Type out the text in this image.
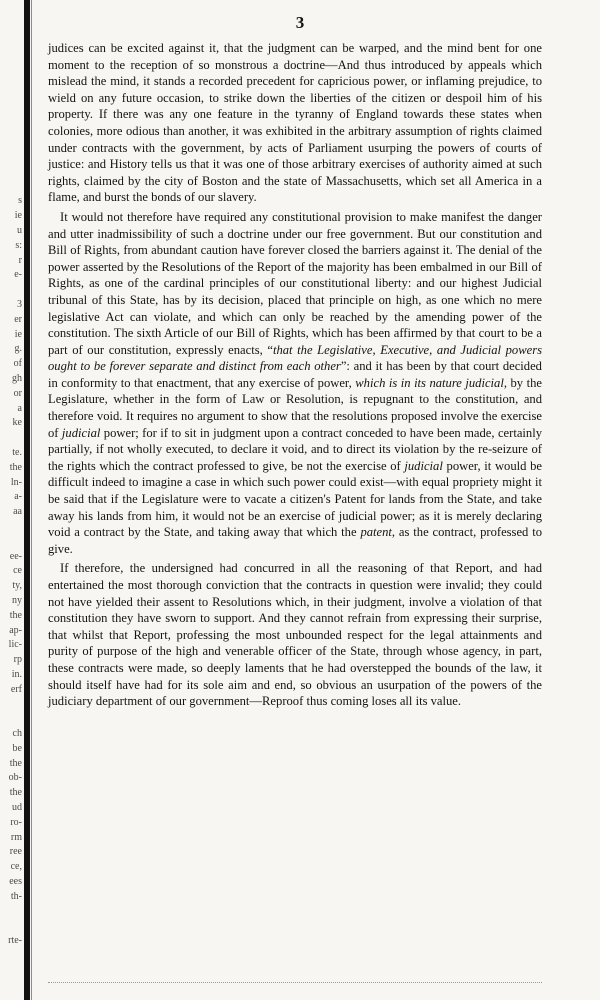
s
ie
u
s:
r
e-

3
er
ie
g.
of
gh
or
a
ke

te.
the
ln-
a-
aa

ee-
ce
ty,
ny
the
ap-
lic-
rp
in.
erf

ch
be
the
ob-
the
ud
ro-
rm
ree
ce,
ees
th-

rte-
3

judices can be excited against it, that the judgment can be warped, and the mind bent for one moment to the reception of so monstrous a doctrine—And thus introduced by appeals which mislead the mind, it stands a recorded precedent for capricious power, or inflaming prejudice, to wield on any future occasion, to strike down the liberties of the citizen or despoil him of his property. If there was any one feature in the tyranny of England towards these states when colonies, more odious than another, it was exhibited in the arbitrary assumption of rights claimed under contracts with the government, by acts of Parliament usurping the powers of courts of justice: and History tells us that it was one of those arbitrary exercises of authority aimed at such rights, claimed by the city of Boston and the state of Massachusetts, which set all America in a flame, and burst the bonds of our slavery.

It would not therefore have required any constitutional provision to make manifest the danger and utter inadmissibility of such a doctrine under our free government. But our constitution and Bill of Rights, from abundant caution have forever closed the barriers against it. The denial of the power asserted by the Resolutions of the Report of the majority has been embalmed in our Bill of Rights, as one of the cardinal principles of our constitutional liberty: and our highest Judicial tribunal of this State, has by its decision, placed that principle on high, as one which no mere legislative Act can violate, and which can only be reached by the amending power of the constitution. The sixth Article of our Bill of Rights, which has been affirmed by that court to be a part of our constitution, expressly enacts, “that the Legislative, Executive, and Judicial powers ought to be forever separate and distinct from each other”: and it has been by that court decided in conformity to that enactment, that any exercise of power, which is in its nature judicial, by the Legislature, whether in the form of Law or Resolution, is repugnant to the constitution, and therefore void. It requires no argument to show that the resolutions proposed involve the exercise of judicial power; for if to sit in judgment upon a contract conceded to have been made, certainly partially, if not wholly executed, to declare it void, and to direct its violation by the re-seizure of the rights which the contract professed to give, be not the exercise of judicial power, it would be difficult indeed to imagine a case in which such power could exist—with equal propriety might it be said that if the Legislature were to vacate a citizen's Patent for lands from the State, and take away his lands from him, it would not be an exercise of judicial power; as it is merely declaring void a contract by the State, and taking away that which the patent, as the contract, professed to give.

If therefore, the undersigned had concurred in all the reasoning of that Report, and had entertained the most thorough conviction that the contracts in question were invalid; they could not have yielded their assent to Resolutions which, in their judgment, involve a violation of that constitution they have sworn to support. And they cannot refrain from expressing their surprise, that whilst that Report, professing the most unbounded respect for the legal attainments and purity of purpose of the high and venerable officer of the State, through whose agency, in part, these contracts were made, so deeply laments that he had overstepped the bounds of the law, it should itself have had for its sole aim and end, so obvious an usurpation of the powers of the judiciary department of our government—Reproof thus coming loses all its value.
